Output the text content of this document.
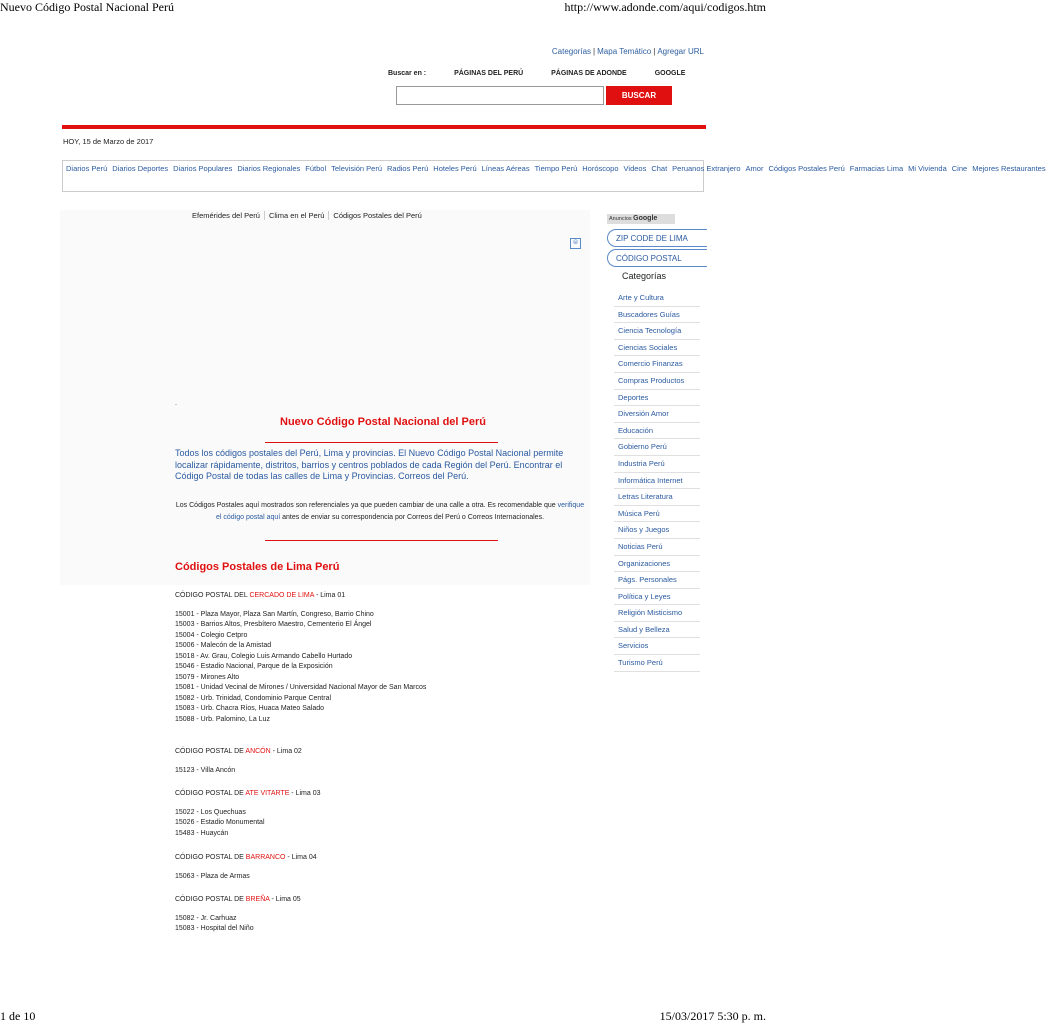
Nuevo Código Postal Nacional Perú	http://www.adonde.com/aqui/codigos.htm
Categorías | Mapa Temático | Agregar URL
Buscar en :	PÁGINAS DEL PERÚ	PÁGINAS DE ADONDE	GOOGLE
BUSCAR
HOY, 15 de Marzo de 2017
Diarios Perú Diarios Deportes Diarios Populares Diarios Regionales Fútbol Televisión Perú Radios Perú Hoteles Perú Líneas Aéreas Tiempo Perú Horóscopo Videos Chat Peruanos Extranjero Amor Códigos Postales Perú Farmacias Lima Mi Vivienda Cine Mejores Restaurantes
Efemérides del Perú Clima en el Perú Códigos Postales del Perú
⦾
.
Nuevo Código Postal Nacional del Perú
Todos los códigos postales del Perú, Lima y provincias. El Nuevo Código Postal Nacional permite localizar rápidamente, distritos, barrios y centros poblados de cada Región del Perú. Encontrar el Código Postal de todas las calles de Lima y Provincias. Correos del Perú.
Los Códigos Postales aquí mostrados son referenciales ya que pueden cambiar de una calle a otra. Es recomendable que verifique el código postal aquí antes de enviar su correspondencia por Correos del Perú o Correos Internacionales.
Códigos Postales de Lima Perú
CÓDIGO POSTAL DEL CERCADO DE LIMA - Lima 01
15001 - Plaza Mayor, Plaza San Martín, Congreso, Barrio Chino
15003 - Barrios Altos, Presbítero Maestro, Cementerio El Ángel
15004 - Colegio Cetpro
15006 - Malecón de la Amistad
15018 - Av. Grau, Colegio Luis Armando Cabello Hurtado
15046 - Estadio Nacional, Parque de la Exposición
15079 - Mirones Alto
15081 - Unidad Vecinal de Mirones / Universidad Nacional Mayor de San Marcos
15082 - Urb. Trinidad, Condominio Parque Central
15083 - Urb. Chacra Ríos, Huaca Mateo Salado
15088 - Urb. Palomino, La Luz
CÓDIGO POSTAL DE ANCÓN - Lima 02
15123 - Villa Ancón
CÓDIGO POSTAL DE ATE VITARTE - Lima 03
15022 - Los Quechuas
15026 - Estadio Monumental
15483 - Huaycán
CÓDIGO POSTAL DE BARRANCO - Lima 04
15063 - Plaza de Armas
CÓDIGO POSTAL DE BREÑA - Lima 05
15082 - Jr. Carhuaz
15083 - Hospital del Niño
Anuncios Google
ZIP CODE DE LIMA
CÓDIGO POSTAL
Categorías
Arte y Cultura
Buscadores Guías
Ciencia Tecnología
Ciencias Sociales
Comercio Finanzas
Compras Productos
Deportes
Diversión Amor
Educación
Gobierno Perú
Industria Perú
Informática Internet
Letras Literatura
Música Perú
Niños y Juegos
Noticias Perú
Organizaciones
Págs. Personales
Política y Leyes
Religión Misticismo
Salud y Belleza
Servicios
Turismo Perú
1 de 10	15/03/2017 5:30 p. m.
